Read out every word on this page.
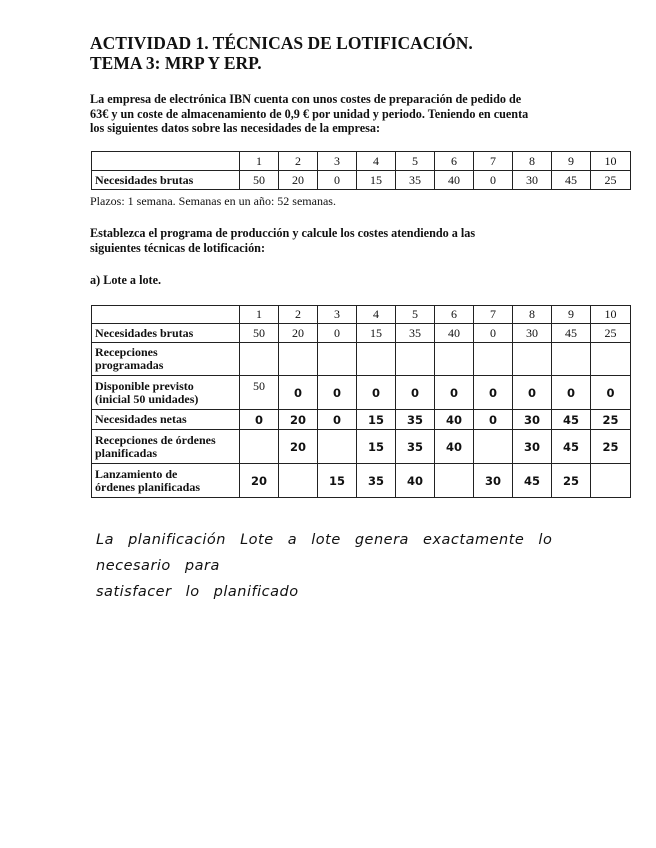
ACTIVIDAD 1. TÉCNICAS DE LOTIFICACIÓN.
TEMA 3: MRP Y ERP.

La empresa de electrónica IBN cuenta con unos costes de preparación de pedido de
63€ y un coste de almacenamiento de 0,9 € por unidad y periodo. Teniendo en cuenta
los siguientes datos sobre las necesidades de la empresa:

	1	2	3	4	5	6	7	8	9	10
Necesidades brutas	50	20	0	15	35	40	0	30	45	25

Plazos: 1 semana. Semanas en un año: 52 semanas.

Establezca el programa de producción y calcule los costes atendiendo a las
siguientes técnicas de lotificación:

a) Lote a lote.

	1	2	3	4	5	6	7	8	9	10
Necesidades brutas	50	20	0	15	35	40	0	30	45	25
Recepciones
programadas										
Disponible previsto
(inicial 50 unidades)	50	0	0	0	0	0	0	0	0	0
Necesidades netas	0	20	0	15	35	40	0	30	45	25
Recepciones de órdenes
planificadas		20		15	35	40		30	45	25
Lanzamiento de
órdenes planificadas	20		15	35	40		30	45	25	

La planificación Lote a lote genera exactamente lo necesario para
satisfacer lo planificado
